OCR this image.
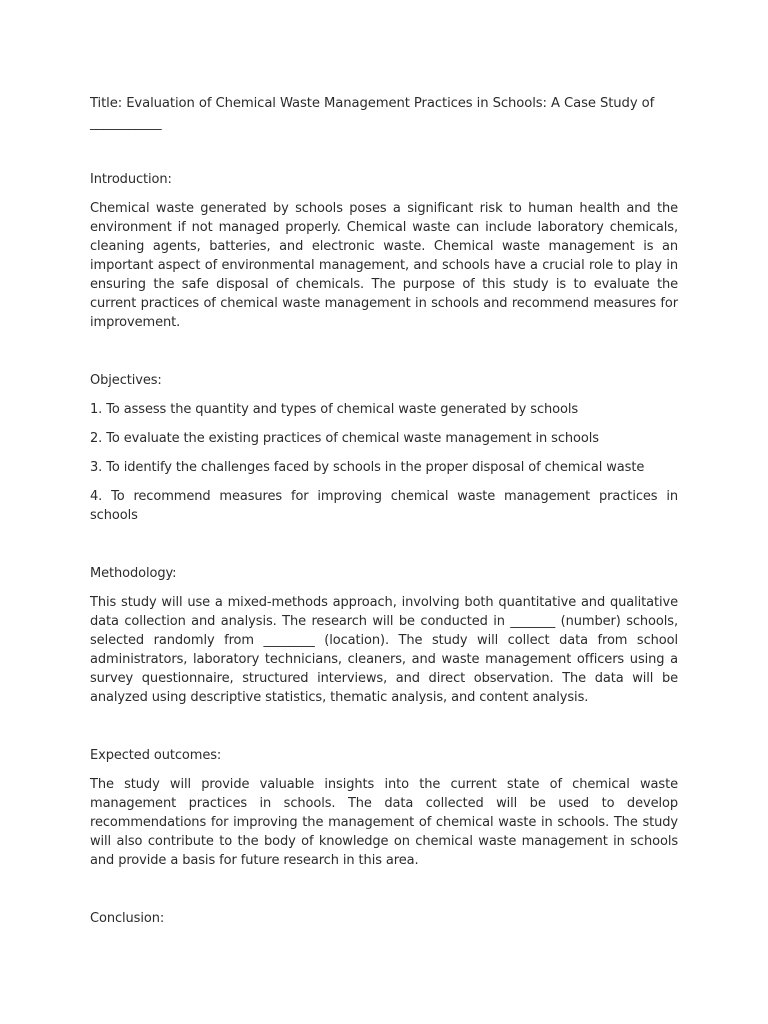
Title: Evaluation of Chemical Waste Management Practices in Schools: A Case Study of ___________
Introduction:

Chemical waste generated by schools poses a significant risk to human health and the environment if not managed properly. Chemical waste can include laboratory chemicals, cleaning agents, batteries, and electronic waste. Chemical waste management is an important aspect of environmental management, and schools have a crucial role to play in ensuring the safe disposal of chemicals. The purpose of this study is to evaluate the current practices of chemical waste management in schools and recommend measures for improvement.

Objectives:

1. To assess the quantity and types of chemical waste generated by schools

2. To evaluate the existing practices of chemical waste management in schools

3. To identify the challenges faced by schools in the proper disposal of chemical waste

4. To recommend measures for improving chemical waste management practices in schools

Methodology:

This study will use a mixed-methods approach, involving both quantitative and qualitative data collection and analysis. The research will be conducted in _______ (number) schools, selected randomly from ________ (location). The study will collect data from school administrators, laboratory technicians, cleaners, and waste management officers using a survey questionnaire, structured interviews, and direct observation. The data will be analyzed using descriptive statistics, thematic analysis, and content analysis.

Expected outcomes:

The study will provide valuable insights into the current state of chemical waste management practices in schools. The data collected will be used to develop recommendations for improving the management of chemical waste in schools. The study will also contribute to the body of knowledge on chemical waste management in schools and provide a basis for future research in this area.

Conclusion:
